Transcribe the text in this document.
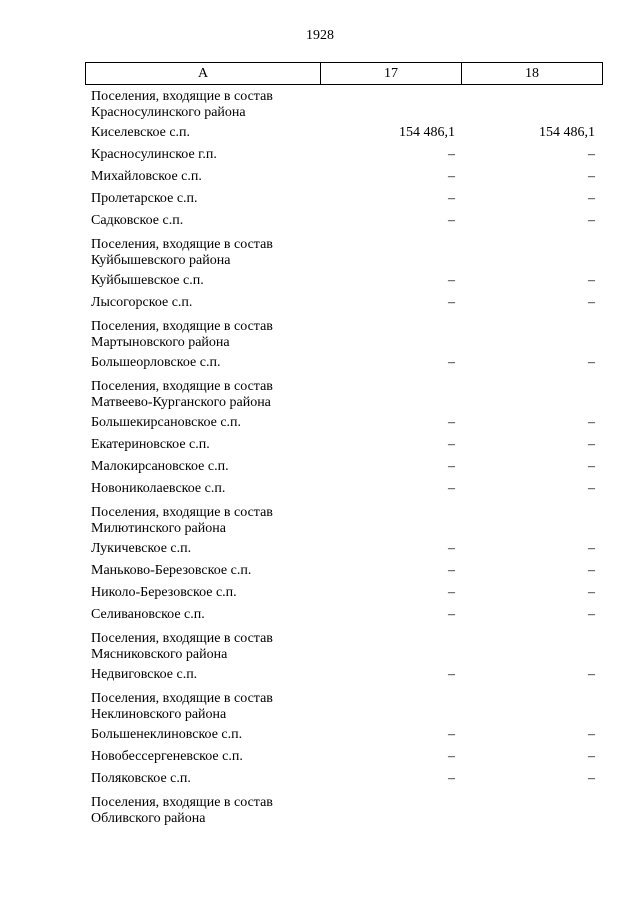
1928
А	17	18
Поселения, входящие в состав Красносулинского района
Киселевское с.п.	154 486,1	154 486,1
Красносулинское г.п.	–	–
Михайловское с.п.	–	–
Пролетарское с.п.	–	–
Садковское с.п.	–	–
Поселения, входящие в состав Куйбышевского района
Куйбышевское с.п.	–	–
Лысогорское с.п.	–	–
Поселения, входящие в состав Мартыновского района
Большеорловское с.п.	–	–
Поселения, входящие в состав Матвеево-Курганского района
Большекирсановское с.п.	–	–
Екатериновское с.п.	–	–
Малокирсановское с.п.	–	–
Новониколаевское с.п.	–	–
Поселения, входящие в состав Милютинского района
Лукичевское с.п.	–	–
Маньково-Березовское с.п.	–	–
Николо-Березовское с.п.	–	–
Селивановское с.п.	–	–
Поселения, входящие в состав Мясниковского района
Недвиговское с.п.	–	–
Поселения, входящие в состав Неклиновского района
Большенеклиновское с.п.	–	–
Новобессергеневское с.п.	–	–
Поляковское с.п.	–	–
Поселения, входящие в состав Обливского района
